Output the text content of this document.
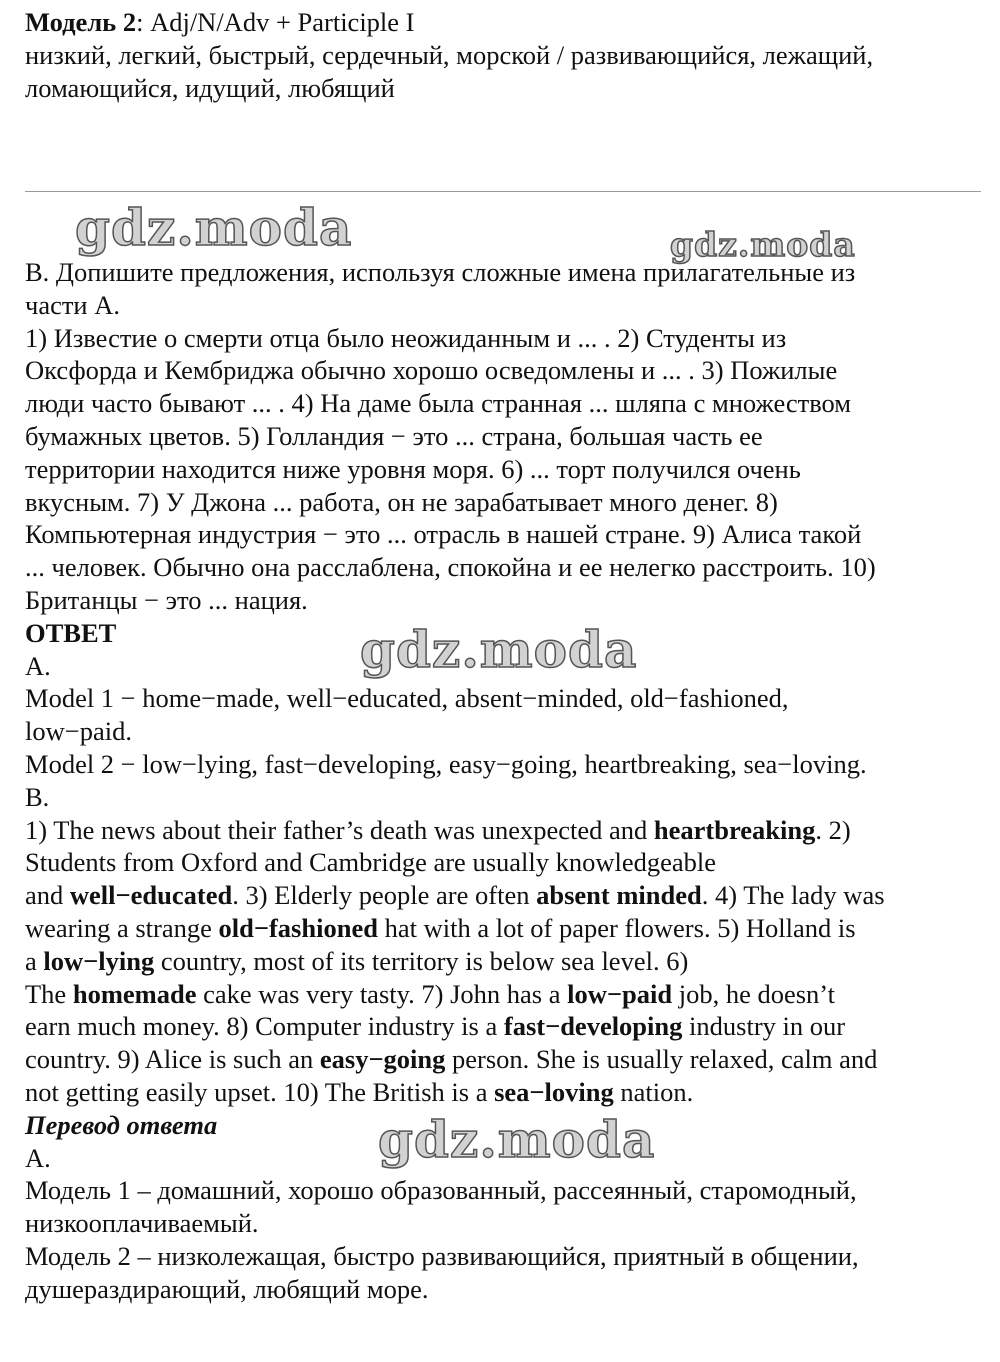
Модель 2: Adj/N/Adv + Participle I
низкий, легкий, быстрый, сердечный, морской / развивающийся, лежащий,
ломающийся, идущий, любящий
B. Допишите предложения, используя сложные имена прилагательные из
части А.
1) Известие о смерти отца было неожиданным и ... . 2) Студенты из
Оксфорда и Кембриджа обычно хорошо осведомлены и ... . 3) Пожилые
люди часто бывают ... . 4) На даме была странная ... шляпа с множеством
бумажных цветов. 5) Голландия − это ... страна, большая часть ее
территории находится ниже уровня моря. 6) ... торт получился очень
вкусным. 7) У Джона ... работа, он не зарабатывает много денег. 8)
Компьютерная индустрия − это ... отрасль в нашей стране. 9) Алиса такой
... человек. Обычно она расслаблена, спокойна и ее нелегко расстроить. 10)
Британцы − это ... нация.
ОТВЕТ
A.
Model 1 − home−made, well−educated, absent−minded, old−fashioned,
low−paid.
Model 2 − low−lying, fast−developing, easy−going, heartbreaking, sea−loving.
B.
1) The news about their father’s death was unexpected and heartbreaking. 2)
Students from Oxford and Cambridge are usually knowledgeable
and well−educated. 3) Elderly people are often absent minded. 4) The lady was
wearing a strange old−fashioned hat with a lot of paper flowers. 5) Holland is
a low−lying country, most of its territory is below sea level. 6)
The homemade cake was very tasty. 7) John has a low−paid job, he doesn’t
earn much money. 8) Computer industry is a fast−developing industry in our
country. 9) Alice is such an easy−going person. She is usually relaxed, calm and
not getting easily upset. 10) The British is a sea−loving nation.
Перевод ответа
A.
Модель 1 – домашний, хорошо образованный, рассеянный, старомодный,
низкооплачиваемый.
Модель 2 – низколежащая, быстро развивающийся, приятный в общении,
душераздирающий, любящий море.
gdz.moda	gdz.moda
gdz.moda
gdz.moda
